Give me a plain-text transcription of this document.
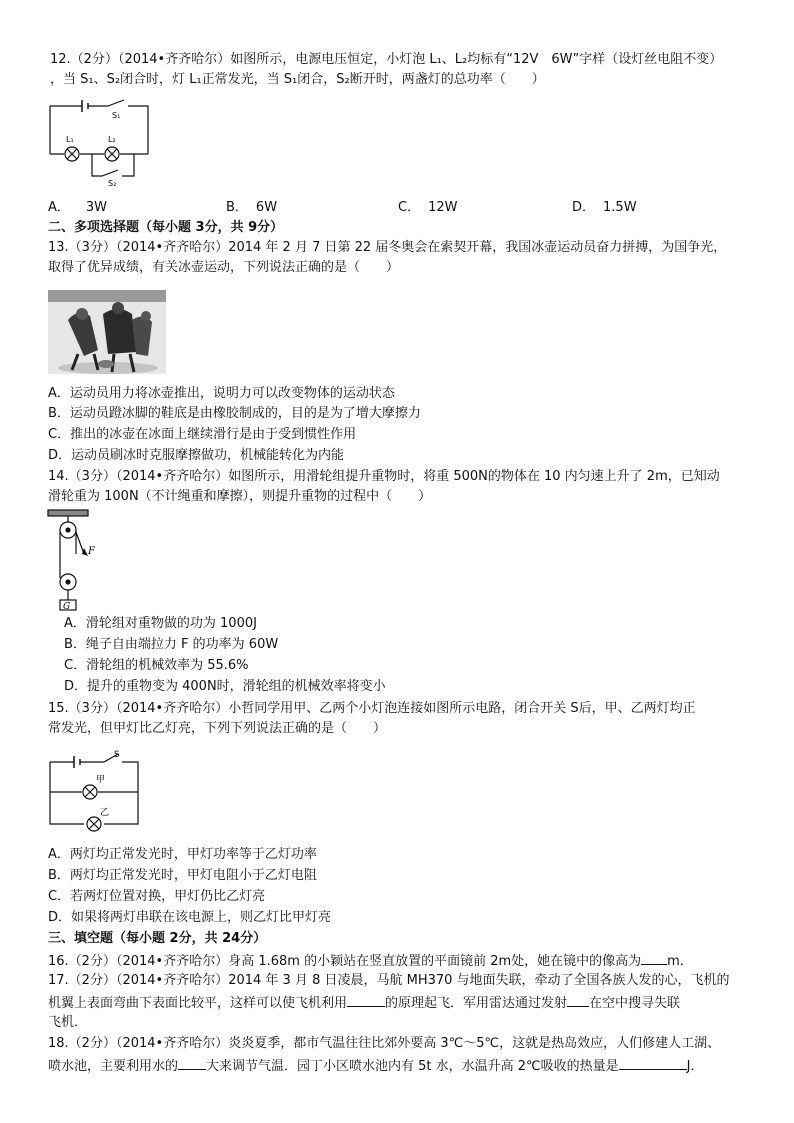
12.（2分）（2014•齐齐哈尔）如图所示，电源电压恒定，小灯泡 L₁、L₂均标有“12V　6W”字样（设灯丝电阻不变）
，当 S₁、S₂闭合时，灯 L₁正常发光，当 S₁闭合，S₂断开时，两盏灯的总功率（　　）
S₁
L₁	L₂
S₂
A． 3W	B． 6W	C． 12W	D． 1.5W
二、多项选择题（每小题 3分，共 9分）
13.（3分）（2014•齐齐哈尔）2014 年 2 月 7 日第 22 届冬奥会在索契开幕，我国冰壶运动员奋力拼搏，为国争光，
取得了优异成绩，有关冰壶运动，下列说法正确的是（　　）
A．运动员用力将冰壶推出，说明力可以改变物体的运动状态
B．运动员蹬冰脚的鞋底是由橡胶制成的，目的是为了增大摩擦力
C．推出的冰壶在冰面上继续滑行是由于受到惯性作用
D．运动员刷冰时克服摩擦做功，机械能转化为内能
14.（3分）（2014•齐齐哈尔）如图所示，用滑轮组提升重物时，将重 500N的物体在 10 内匀速上升了 2m，已知动
滑轮重为 100N（不计绳重和摩擦），则提升重物的过程中（　　）
F
G
A．滑轮组对重物做的功为 1000J
B．绳子自由端拉力 F 的功率为 60W
C．滑轮组的机械效率为 55.6%
D．提升的重物变为 400N时，滑轮组的机械效率将变小
15.（3分）（2014•齐齐哈尔）小哲同学用甲、乙两个小灯泡连接如图所示电路，闭合开关 S后，甲、乙两灯均正
常发光，但甲灯比乙灯亮，下列下列说法正确的是（　　）
S
甲
乙
A．两灯均正常发光时，甲灯功率等于乙灯功率
B．两灯均正常发光时，甲灯电阻小于乙灯电阻
C．若两灯位置对换，甲灯仍比乙灯亮
D．如果将两灯串联在该电源上，则乙灯比甲灯亮
三、填空题（每小题 2分，共 24分）
16.（2分）（2014•齐齐哈尔）身高 1.68m 的小颖站在竖直放置的平面镜前 2m处，她在镜中的像高为 m．
17.（2分）（2014•齐齐哈尔）2014 年 3 月 8 日凌晨，马航 MH370 与地面失联，牵动了全国各族人发的心，飞机的
机翼上表面弯曲下表面比较平，这样可以使飞机利用	的原理起飞．军用雷达通过发射 在空中搜寻失联
飞机．
18.（2分）（2014•齐齐哈尔）炎炎夏季，都市气温往往比郊外要高 3℃～5℃，这就是热岛效应，人们修建人工湖、
喷水池，主要利用水的 大来调节气温．园丁小区喷水池内有 5t 水，水温升高 2℃吸收的热量是	J．
